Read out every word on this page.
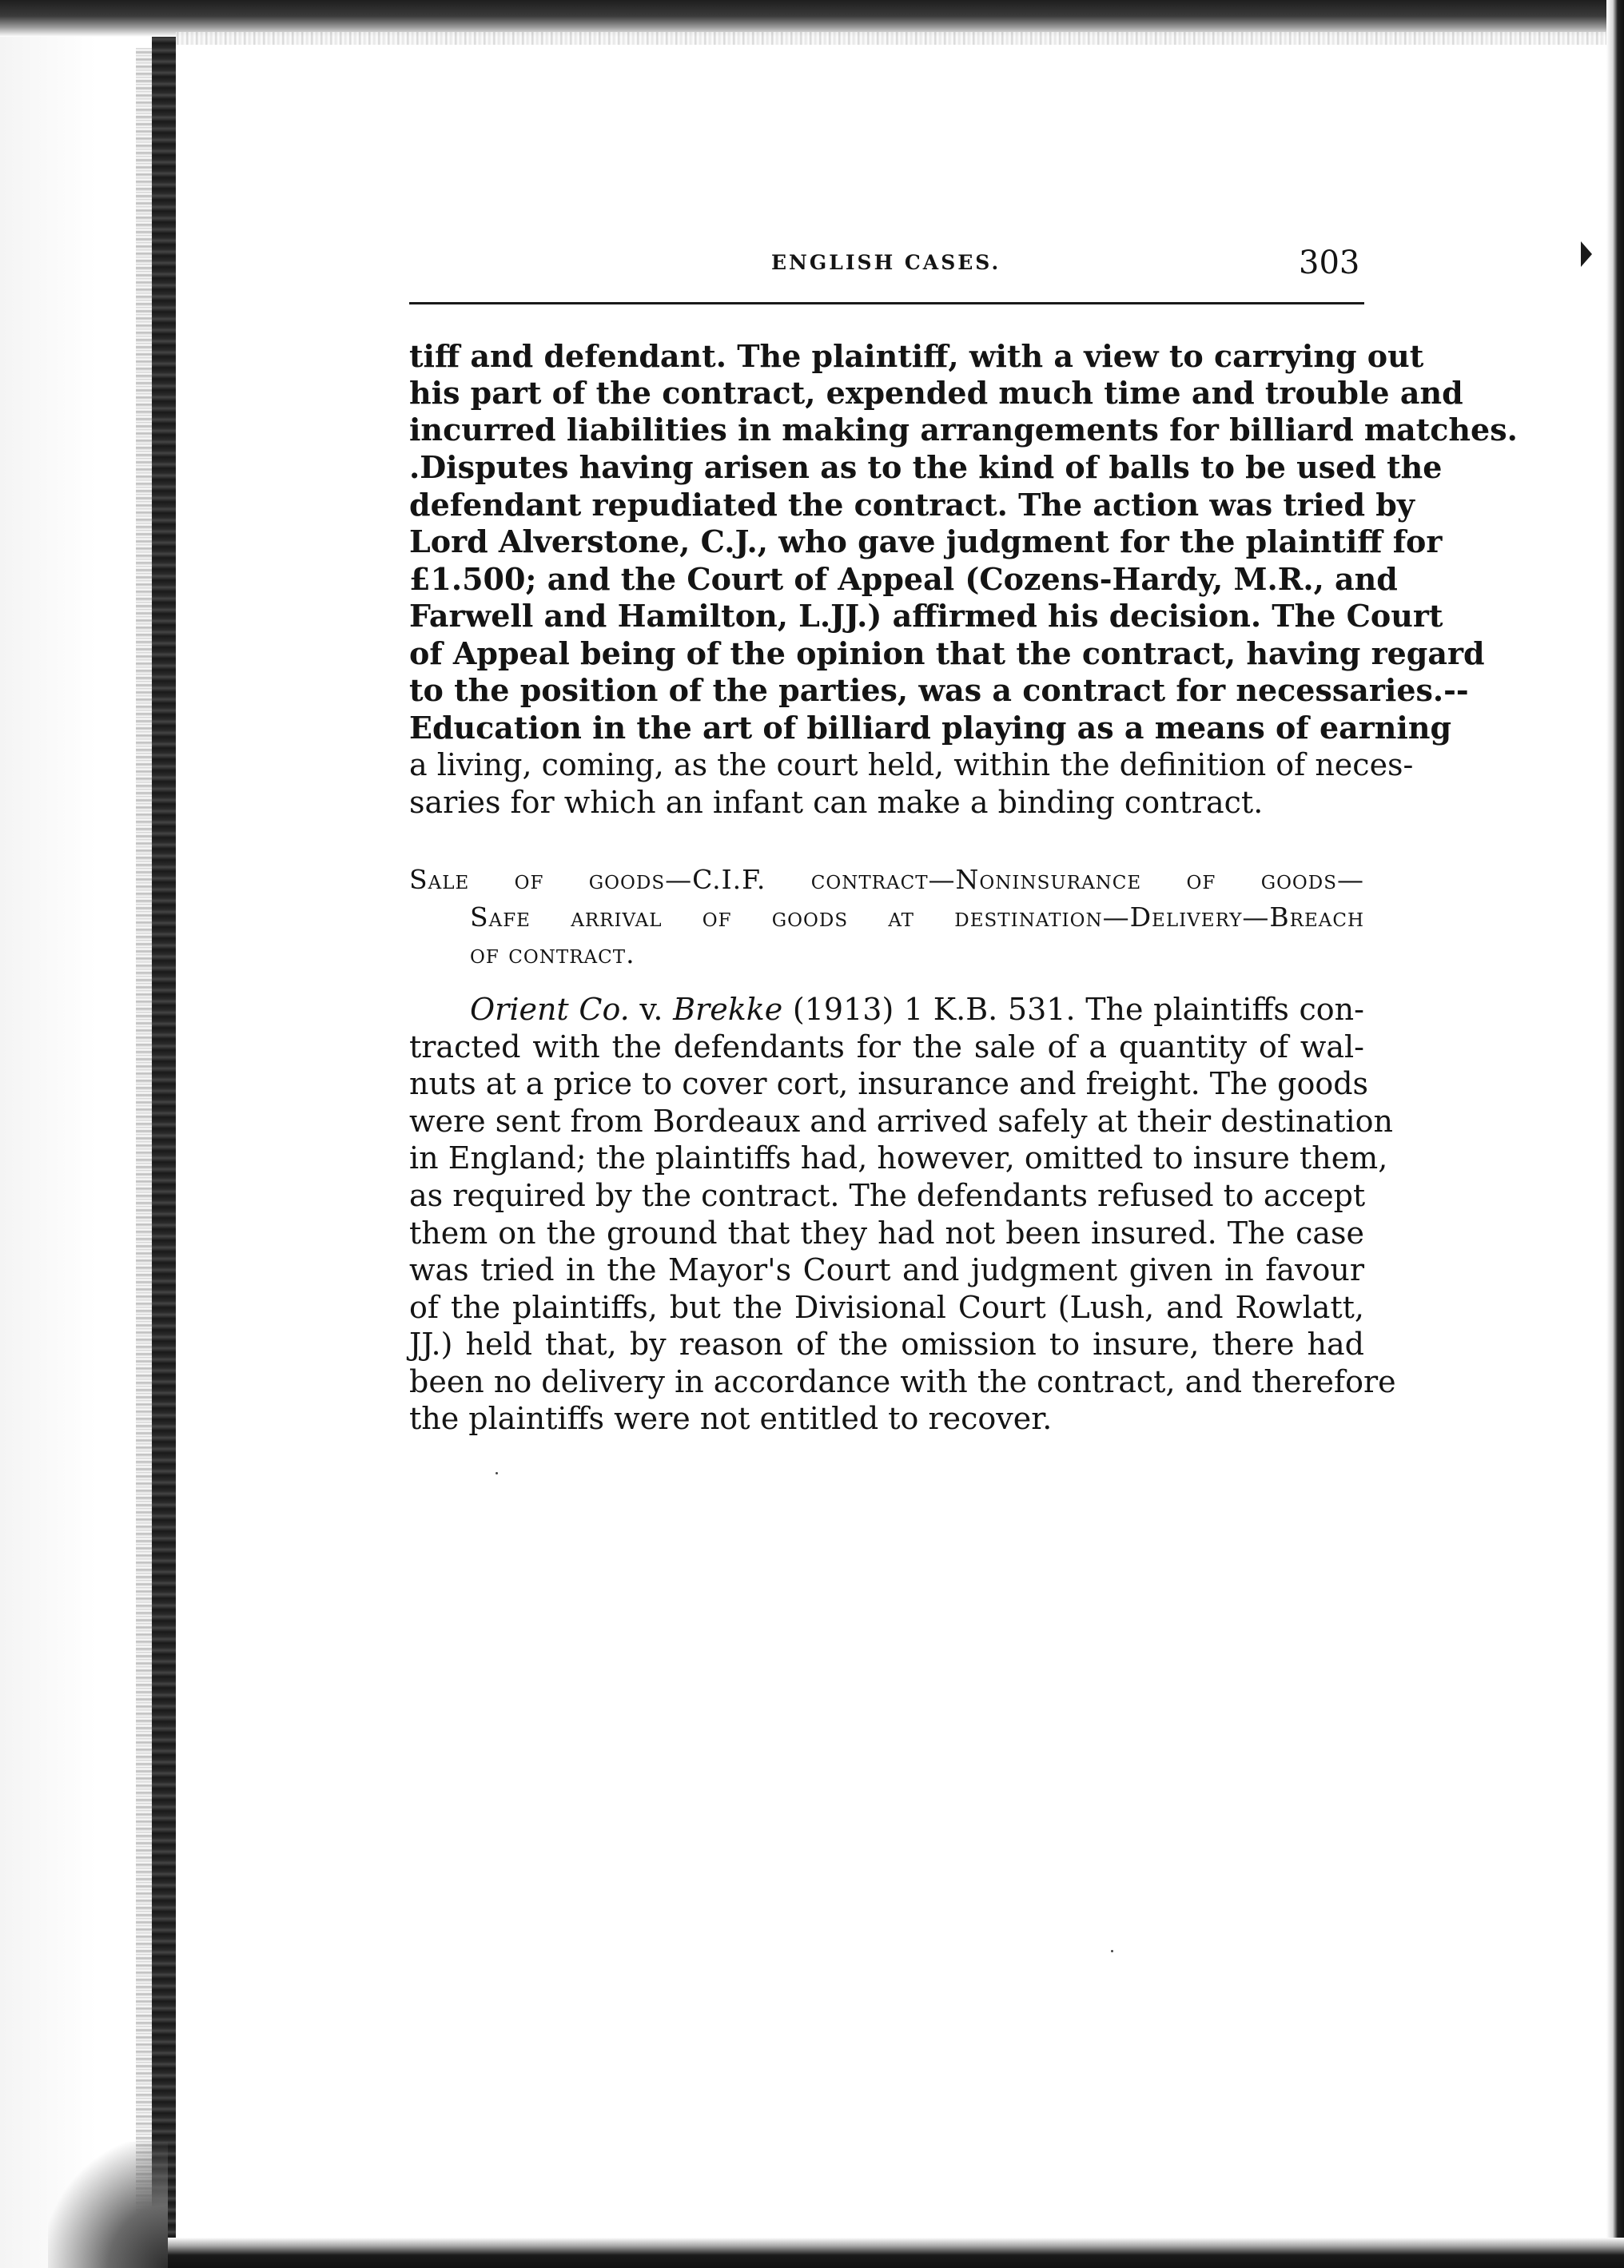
ENGLISH CASES.	303
tiff and defendant. The plaintiff, with a view to carrying out
his part of the contract, expended much time and trouble and
incurred liabilities in making arrangements for billiard matches.
.Disputes having arisen as to the kind of balls to be used the
defendant repudiated the contract. The action was tried by
Lord Alverstone, C.J., who gave judgment for the plaintiff for
£1.500; and the Court of Appeal (Cozens-Hardy, M.R., and
Farwell and Hamilton, L.JJ.) affirmed his decision. The Court
of Appeal being of the opinion that the contract, having regard
to the position of the parties, was a contract for necessaries.--
Education in the art of billiard playing as a means of earning
a living, coming, as the court held, within the definition of neces-
saries for which an infant can make a binding contract.
Sale of goods—C.I.F. contract—Noninsurance of goods—
Safe arrival of goods at destination—Delivery—Breach
of contract.
Orient Co. v. Brekke (1913) 1 K.B. 531. The plaintiffs con-
tracted with the defendants for the sale of a quantity of wal-
nuts at a price to cover cort, insurance and freight. The goods
were sent from Bordeaux and arrived safely at their destination
in England; the plaintiffs had, however, omitted to insure them,
as required by the contract. The defendants refused to accept
them on the ground that they had not been insured. The case
was tried in the Mayor's Court and judgment given in favour
of the plaintiffs, but the Divisional Court (Lush, and Rowlatt,
JJ.) held that, by reason of the omission to insure, there had
been no delivery in accordance with the contract, and therefore
the plaintiffs were not entitled to recover.
